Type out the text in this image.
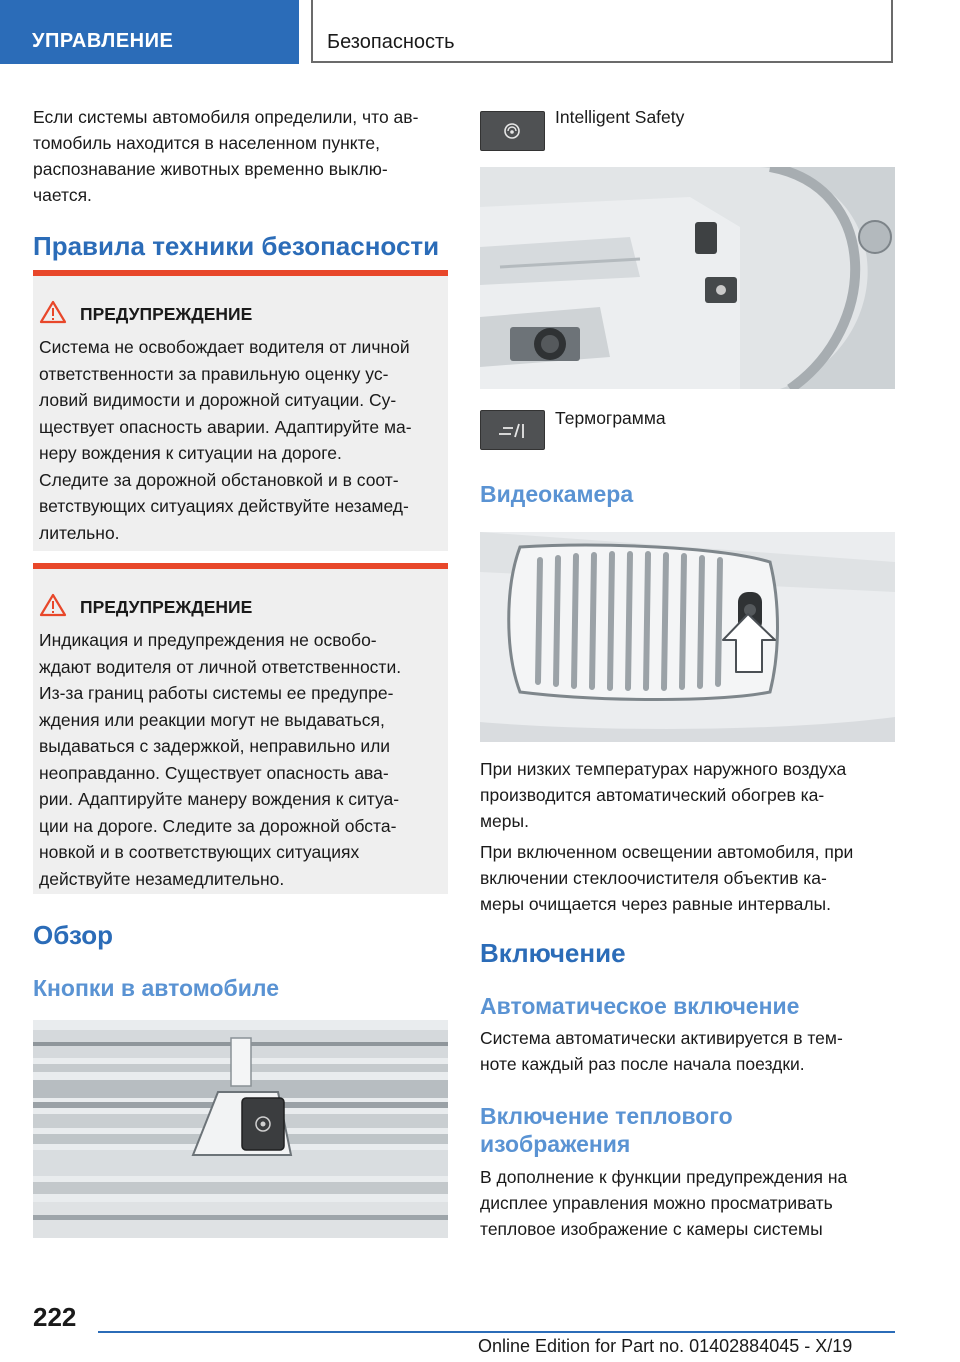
УПРАВЛЕНИЕ	Безопасность
Если системы автомобиля определили, что ав-
томобиль находится в населенном пункте,
распознавание животных временно выклю-
чается.
Правила техники безопасности
ПРЕДУПРЕЖДЕНИЕ
Система не освобождает водителя от личной
ответственности за правильную оценку ус-
ловий видимости и дорожной ситуации. Су-
ществует опасность аварии. Адаптируйте ма-
неру вождения к ситуации на дороге.
Следите за дорожной обстановкой и в соот-
ветствующих ситуациях действуйте незамед-
лительно.
ПРЕДУПРЕЖДЕНИЕ
Индикация и предупреждения не освобо-
ждают водителя от личной ответственности.
Из-за границ работы системы ее предупре-
ждения или реакции могут не выдаваться,
выдаваться с задержкой, неправильно или
неоправданно. Существует опасность ава-
рии. Адаптируйте манеру вождения к ситуа-
ции на дороге. Следите за дорожной обста-
новкой и в соответствующих ситуациях
действуйте незамедлительно.
Обзор
Кнопки в автомобиле
Intelligent Safety
Термограмма
Видеокамера
При низких температурах наружного воздуха
производится автоматический обогрев ка-
меры.
При включенном освещении автомобиля, при
включении стеклоочистителя объектив ка-
меры очищается через равные интервалы.
Включение
Автоматическое включение
Система автоматически активируется в тем-
ноте каждый раз после начала поездки.
Включение теплового
изображения
В дополнение к функции предупреждения на
дисплее управления можно просматривать
тепловое изображение с камеры системы
222
Online Edition for Part no. 01402884045 - X/19
